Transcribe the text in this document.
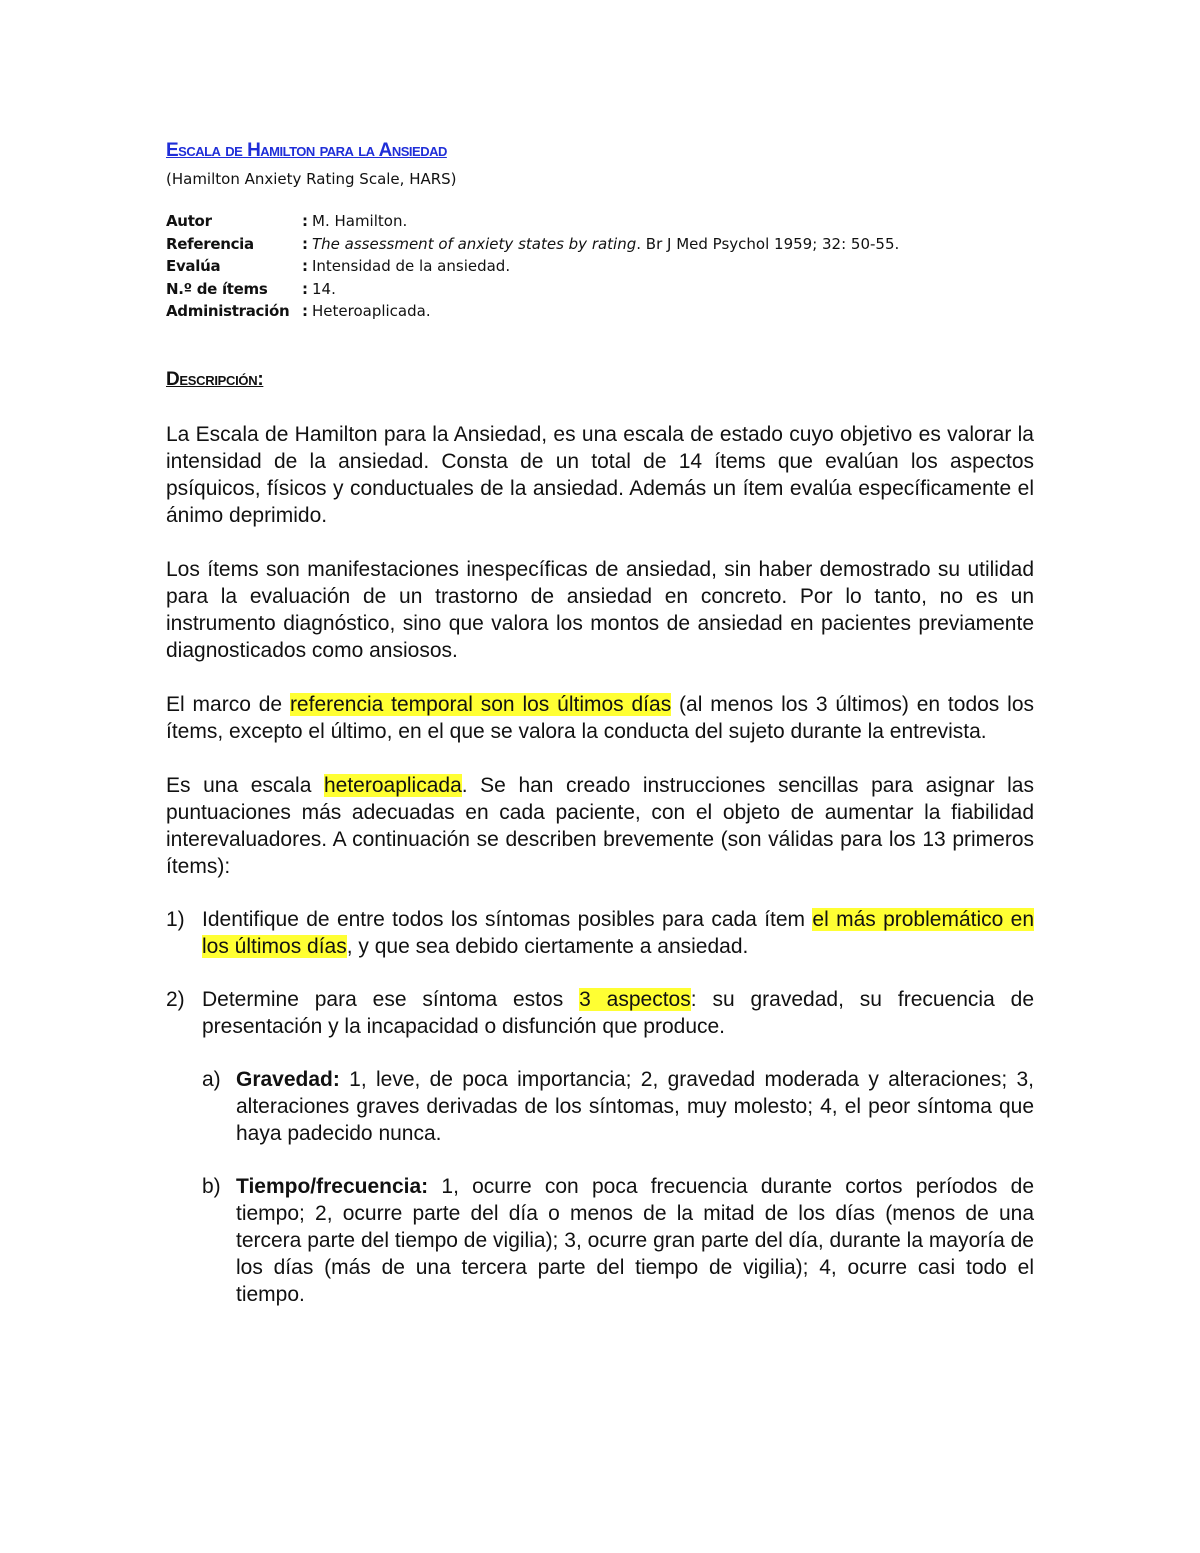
Escala de Hamilton para la Ansiedad
(Hamilton Anxiety Rating Scale, HARS)
Autor	: M. Hamilton.
Referencia	: The assessment of anxiety states by rating. Br J Med Psychol 1959; 32: 50-55.
Evalúa	: Intensidad de la ansiedad.
N.º de ítems	: 14.
Administración : Heteroaplicada.
Descripción:

La Escala de Hamilton para la Ansiedad, es una escala de estado cuyo objetivo es valorar la intensidad de la ansiedad. Consta de un total de 14 ítems que evalúan los aspectos psíquicos, físicos y conductuales de la ansiedad. Además un ítem evalúa específicamente el ánimo deprimido.

Los ítems son manifestaciones inespecíficas de ansiedad, sin haber demostrado su utilidad para la evaluación de un trastorno de ansiedad en concreto. Por lo tanto, no es un instrumento diagnóstico, sino que valora los montos de ansiedad en pacientes previamente diagnosticados como ansiosos.

El marco de referencia temporal son los últimos días (al menos los 3 últimos) en todos los ítems, excepto el último, en el que se valora la conducta del sujeto durante la entrevista.

Es una escala heteroaplicada. Se han creado instrucciones sencillas para asignar las puntuaciones más adecuadas en cada paciente, con el objeto de aumentar la fiabilidad interevaluadores. A continuación se describen brevemente (son válidas para los 13 primeros ítems):

1) Identifique de entre todos los síntomas posibles para cada ítem el más problemático en los últimos días, y que sea debido ciertamente a ansiedad.
2) Determine para ese síntoma estos 3 aspectos: su gravedad, su frecuencia de presentación y la incapacidad o disfunción que produce.
a) Gravedad: 1, leve, de poca importancia; 2, gravedad moderada y alteraciones; 3, alteraciones graves derivadas de los síntomas, muy molesto; 4, el peor síntoma que haya padecido nunca.
b) Tiempo/frecuencia: 1, ocurre con poca frecuencia durante cortos períodos de tiempo; 2, ocurre parte del día o menos de la mitad de los días (menos de una tercera parte del tiempo de vigilia); 3, ocurre gran parte del día, durante la mayoría de los días (más de una tercera parte del tiempo de vigilia); 4, ocurre casi todo el tiempo.
